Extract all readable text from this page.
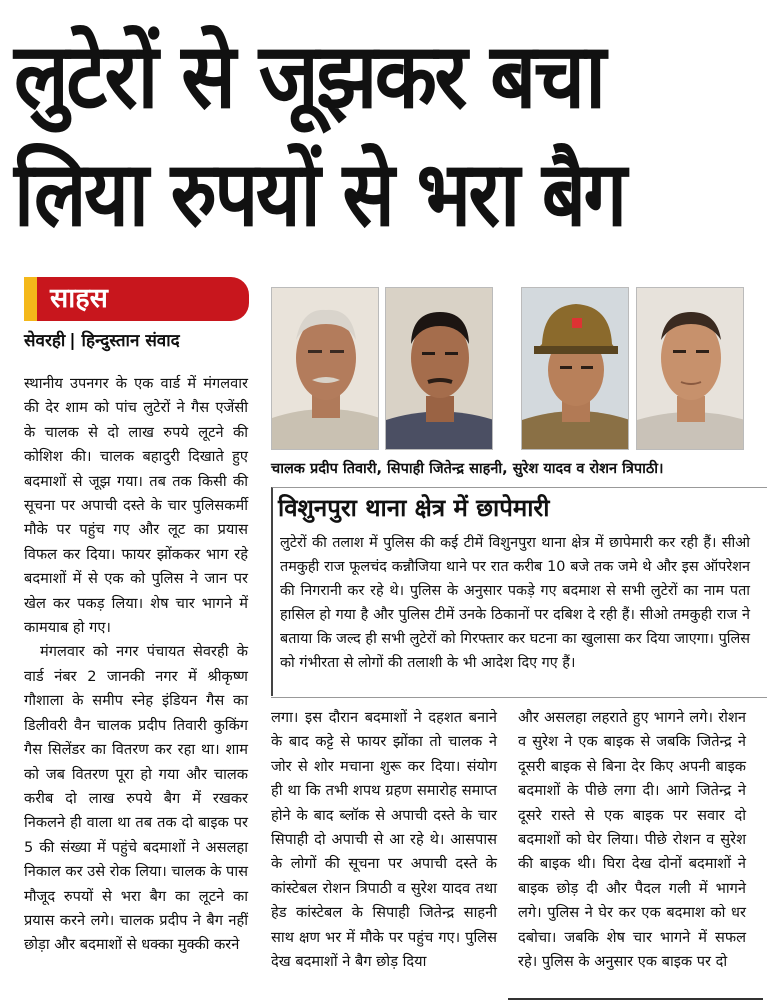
लुटेरों से जूझकर बचा
लिया रुपयों से भरा बैग
साहस
सेवरही | हिन्दुस्तान संवाद

स्थानीय उपनगर के एक वार्ड में मंगलवार की देर शाम को पांच लुटेरों ने गैस एजेंसी के चालक से दो लाख रुपये लूटने की कोशिश की। चालक बहादुरी दिखाते हुए बदमाशों से जूझ गया। तब तक किसी की सूचना पर अपाची दस्ते के चार पुलिसकर्मी मौके पर पहुंच गए और लूट का प्रयास विफल कर दिया। फायर झोंककर भाग रहे बदमाशों में से एक को पुलिस ने जान पर खेल कर पकड़ लिया। शेष चार भागने में कामयाब हो गए।

मंगलवार को नगर पंचायत सेवरही के वार्ड नंबर 2 जानकी नगर में श्रीकृष्ण गौशाला के समीप स्नेह इंडियन गैस का डिलीवरी वैन चालक प्रदीप तिवारी कुकिंग गैस सिलेंडर का वितरण कर रहा था। शाम को जब वितरण पूरा हो गया और चालक करीब दो लाख रुपये बैग में रखकर निकलने ही वाला था तब तक दो बाइक पर 5 की संख्या में पहुंचे बदमाशों ने असलहा निकाल कर उसे रोक लिया। चालक के पास मौजूद रुपयों से भरा बैग का लूटने का प्रयास करने लगे। चालक प्रदीप ने बैग नहीं छोड़ा और बदमाशों से धक्का मुक्की करने

चालक प्रदीप तिवारी, सिपाही जितेन्द्र साहनी, सुरेश यादव व रोशन त्रिपाठी।
विशुनपुरा थाना क्षेत्र में छापेमारी
लुटेरों की तलाश में पुलिस की कई टीमें विशुनपुरा थाना क्षेत्र में छापेमारी कर रही हैं। सीओ तमकुही राज फूलचंद कन्नौजिया थाने पर रात करीब 10 बजे तक जमे थे और इस ऑपरेशन की निगरानी कर रहे थे। पुलिस के अनुसार पकड़े गए बदमाश से सभी लुटेरों का नाम पता हासिल हो गया है और पुलिस टीमें उनके ठिकानों पर दबिश दे रही हैं। सीओ तमकुही राज ने बताया कि जल्द ही सभी लुटेरों को गिरफ्तार कर घटना का खुलासा कर दिया जाएगा। पुलिस को गंभीरता से लोगों की तलाशी के भी आदेश दिए गए हैं।
लगा। इस दौरान बदमाशों ने दहशत बनाने के बाद कट्टे से फायर झोंका तो चालक ने जोर से शोर मचाना शुरू कर दिया। संयोग ही था कि तभी शपथ ग्रहण समारोह समाप्त होने के बाद ब्लॉक से अपाची दस्ते के चार सिपाही दो अपाची से आ रहे थे। आसपास के लोगों की सूचना पर अपाची दस्ते के कांस्टेबल रोशन त्रिपाठी व सुरेश यादव तथा हेड कांस्टेबल के सिपाही जितेन्द्र साहनी साथ क्षण भर में मौके पर पहुंच गए। पुलिस देख बदमाशों ने बैग छोड़ दिया
और असलहा लहराते हुए भागने लगे। रोशन व सुरेश ने एक बाइक से जबकि जितेन्द्र ने दूसरी बाइक से बिना देर किए अपनी बाइक बदमाशों के पीछे लगा दी। आगे जितेन्द्र ने दूसरे रास्ते से एक बाइक पर सवार दो बदमाशों को घेर लिया। पीछे रोशन व सुरेश की बाइक थी। घिरा देख दोनों बदमाशों ने बाइक छोड़ दी और पैदल गली में भागने लगे। पुलिस ने घेर कर एक बदमाश को धर दबोचा। जबकि शेष चार भागने में सफल रहे। पुलिस के अनुसार एक बाइक पर दो
